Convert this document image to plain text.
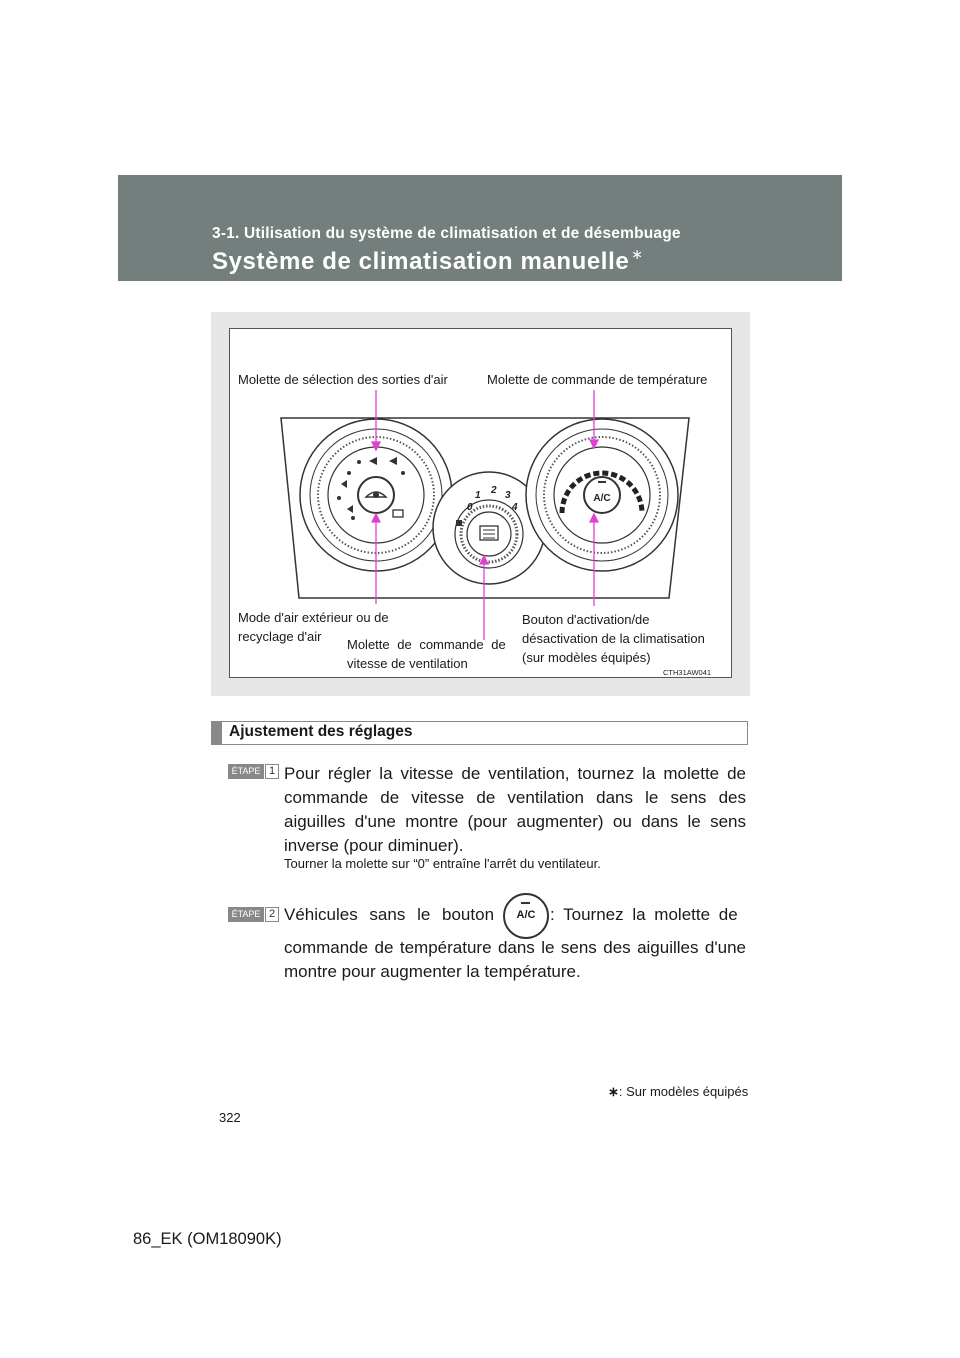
3-1. Utilisation du système de climatisation et de désembuage
Système de climatisation manuelle ∗
0
1 2 3
4
A/C
Molette de sélection des sorties d'air	Molette de commande de température
Mode d'air extérieur ou de
recyclage d'air
Molette de commande de
vitesse de ventilation
Bouton d'activation/de
désactivation de la climatisation
(sur modèles équipés)
CTH31AW041
Ajustement des réglages
ÉTAPE 1 Pour régler la vitesse de ventilation, tournez la molette de commande de vitesse de ventilation dans le sens des aiguilles d'une montre (pour augmenter) ou dans le sens inverse (pour diminuer).
Tourner la molette sur “0” entraîne l'arrêt du ventilateur.
ÉTAPE 2 Véhicules sans le bouton	A/C : Tournez la molette de
commande de température dans le sens des aiguilles d'une montre pour augmenter la température.
∗: Sur modèles équipés
322
86_EK (OM18090K)
